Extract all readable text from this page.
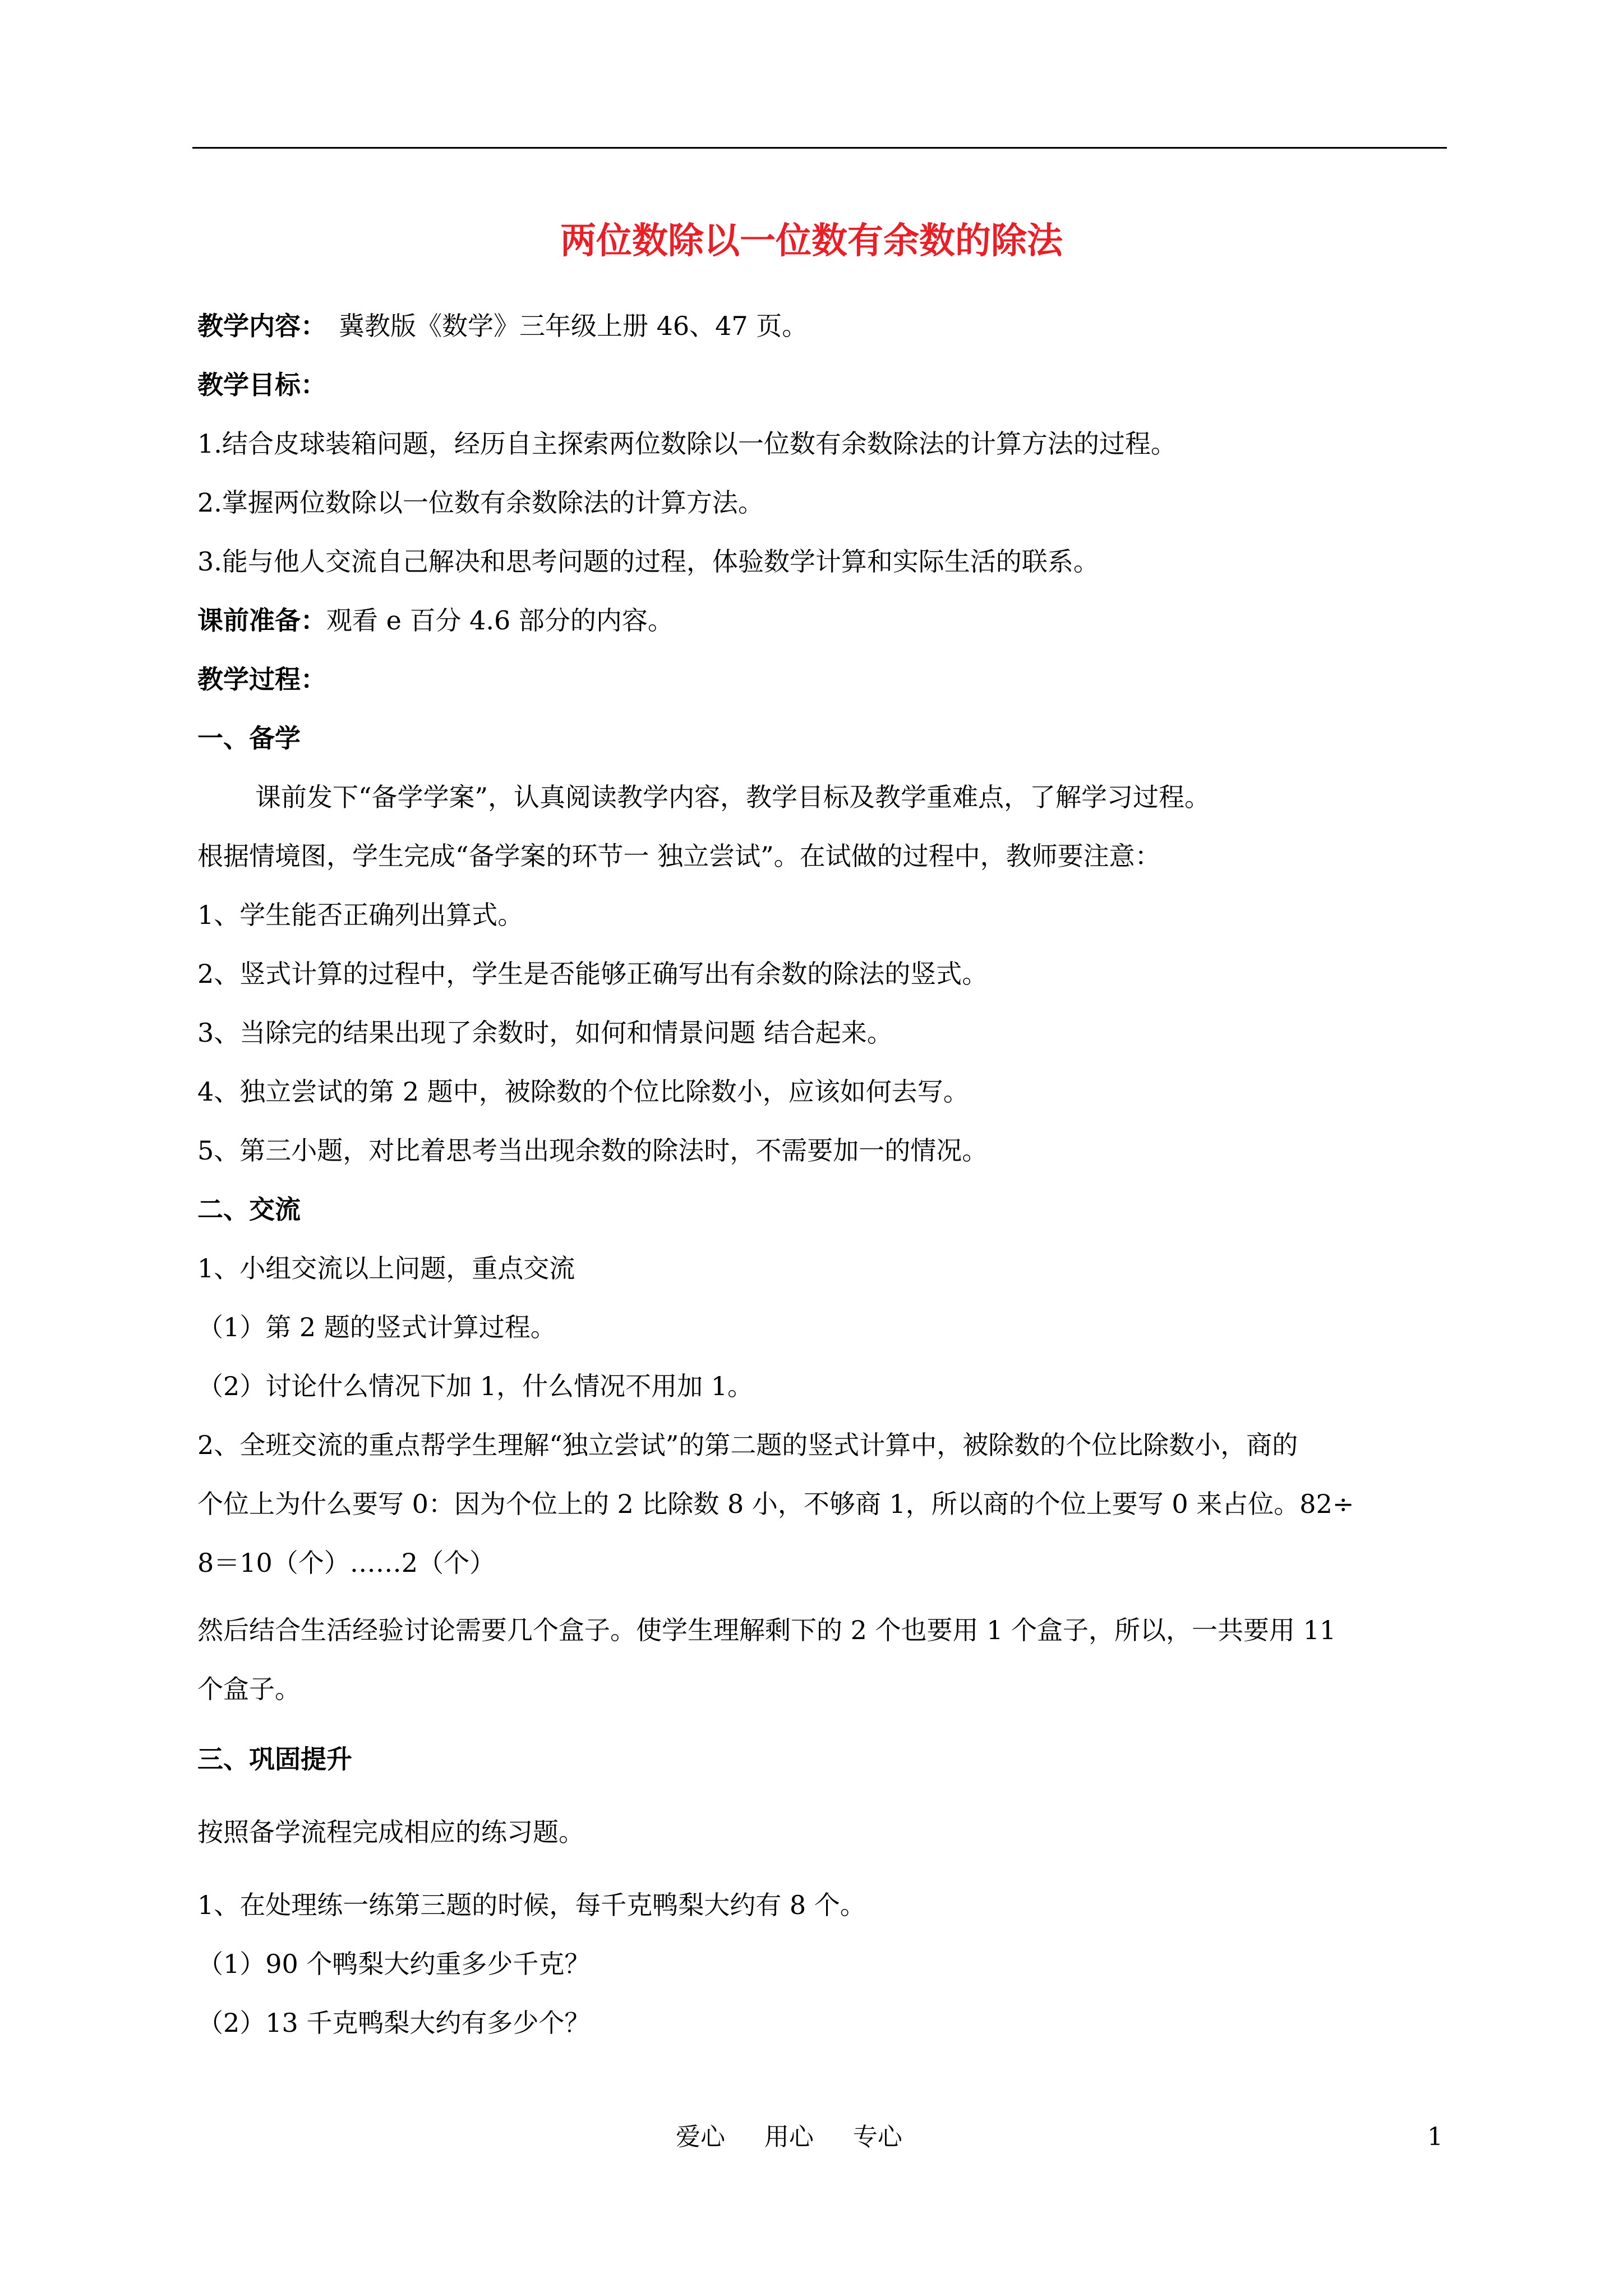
两位数除以一位数有余数的除法
教学内容： 冀教版《数学》三年级上册 46、47 页。
教学目标：
1.结合皮球装箱问题，经历自主探索两位数除以一位数有余数除法的计算方法的过程。
2.掌握两位数除以一位数有余数除法的计算方法。
3.能与他人交流自己解决和思考问题的过程，体验数学计算和实际生活的联系。
课前准备：观看 e 百分 4.6 部分的内容。
教学过程：
一、备学
课前发下“备学学案”，认真阅读教学内容，教学目标及教学重难点，了解学习过程。
根据情境图，学生完成“备学案的环节一 独立尝试”。在试做的过程中，教师要注意：
1、学生能否正确列出算式。
2、竖式计算的过程中，学生是否能够正确写出有余数的除法的竖式。
3、当除完的结果出现了余数时，如何和情景问题 结合起来。
4、独立尝试的第 2 题中，被除数的个位比除数小，应该如何去写。
5、第三小题，对比着思考当出现余数的除法时，不需要加一的情况。
二、交流
1、小组交流以上问题，重点交流
（1）第 2 题的竖式计算过程。
（2）讨论什么情况下加 1，什么情况不用加 1。
2、全班交流的重点帮学生理解“独立尝试”的第二题的竖式计算中，被除数的个位比除数小，商的
个位上为什么要写 0：因为个位上的 2 比除数 8 小，不够商 1，所以商的个位上要写 0 来占位。82÷
8＝10（个）……2（个）
然后结合生活经验讨论需要几个盒子。使学生理解剩下的 2 个也要用 1 个盒子，所以，一共要用 11
个盒子。
三、巩固提升
按照备学流程完成相应的练习题。
1、在处理练一练第三题的时候，每千克鸭梨大约有 8 个。
（1）90 个鸭梨大约重多少千克？
（2）13 千克鸭梨大约有多少个？
爱心     用心     专心	1
